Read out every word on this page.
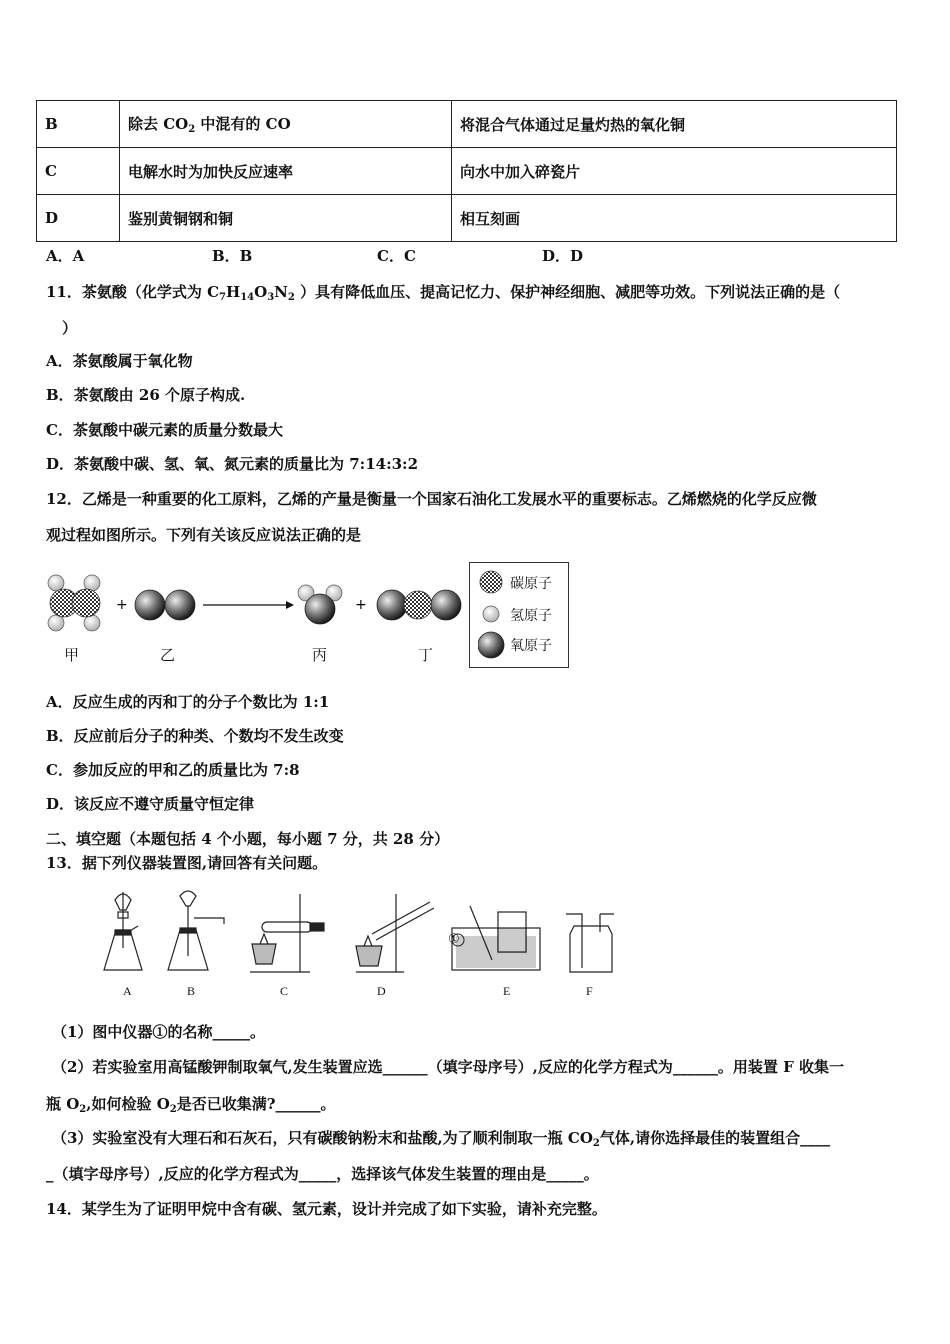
B	除去 $CO_2$ 中混有的 CO	将混合气体通过足量灼热的氧化铜
C	电解水时为加快反应速率	向水中加入碎瓷片
D	鉴别黄铜钢和铜	相互刻画
A．A	B．B	C．C	D．D
11．茶氨酸（化学式为 $C_7H_{14}O_3N_2$ ）具有降低血压、提高记忆力、保护神经细胞、减肥等功效。下列说法正确的是（
）
A．茶氨酸属于氧化物
B．茶氨酸由 26 个原子构成.
C．茶氨酸中碳元素的质量分数最大
D．茶氨酸中碳、氢、氧、氮元素的质量比为 7:14:3:2
12．乙烯是一种重要的化工原料，乙烯的产量是衡量一个国家石油化工发展水平的重要标志。乙烯燃烧的化学反应微
观过程如图所示。下列有关该反应说法正确的是
+	+
甲	乙	丙	丁
碳原子
氢原子
氧原子
A．反应生成的丙和丁的分子个数比为 1:1
B．反应前后分子的种类、个数均不发生改变
C．参加反应的甲和乙的质量比为 7:8
D．该反应不遵守质量守恒定律
二、填空题（本题包括 4 个小题，每小题 7 分，共 28 分）
13．据下列仪器装置图,请回答有关问题。
①
A	B	C	D	E	F
（1）图中仪器①的名称_____。
（2）若实验室用高锰酸钾制取氧气,发生装置应选______（填字母序号）,反应的化学方程式为______。用装置 F 收集一
瓶 $O_2$,如何检验 $O_2$是否已收集满?______。
（3）实验室没有大理石和石灰石，只有碳酸钠粉末和盐酸,为了顺利制取一瓶 $CO_2$气体,请你选择最佳的装置组合____
_（填字母序号）,反应的化学方程式为_____，选择该气体发生装置的理由是_____。
14．某学生为了证明甲烷中含有碳、氢元素，设计并完成了如下实验，请补充完整。
